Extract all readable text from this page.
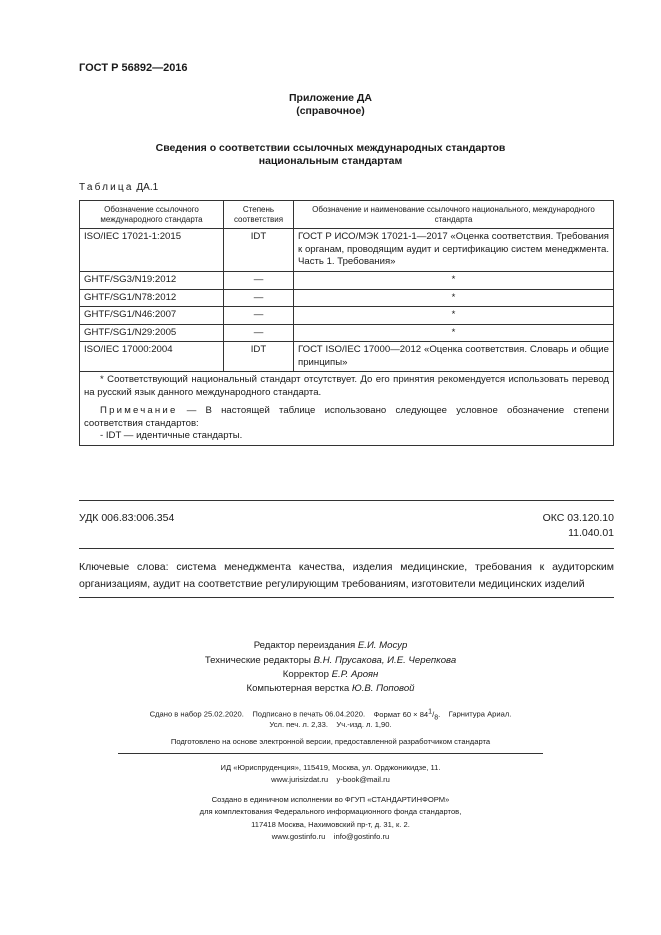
ГОСТ Р 56892—2016
Приложение ДА
(справочное)
Сведения о соответствии ссылочных международных стандартов
национальным стандартам
Таблица ДА.1
Обозначение ссылочного международного стандарта	Степень соответствия	Обозначение и наименование ссылочного национального, международного стандарта
ISO/IEC 17021-1:2015	IDT	ГОСТ Р ИСО/МЭК 17021-1—2017 «Оценка соответствия. Требования к органам, проводящим аудит и сертификацию систем менеджмента. Часть 1. Требования»
GHTF/SG3/N19:2012	—	*
GHTF/SG1/N78:2012	—	*
GHTF/SG1/N46:2007	—	*
GHTF/SG1/N29:2005	—	*
ISO/IEC 17000:2004	IDT	ГОСТ ISO/IEC 17000—2012 «Оценка соответствия. Словарь и общие принципы»

* Соответствующий национальный стандарт отсутствует. До его принятия рекомендуется использовать перевод на русский язык данного международного стандарта.

Примечание — В настоящей таблице использовано следующее условное обозначение степени соответствия стандартов:

- IDT — идентичные стандарты.		

УДК 006.83:006.354	ОКС 03.120.10
11.040.01
Ключевые слова: система менеджмента качества, изделия медицинские, требования к аудиторским организациям, аудит на соответствие регулирующим требованиям, изготовители медицинских изделий
Редактор переиздания Е.И. Мосур
Технические редакторы В.Н. Прусакова, И.Е. Черепкова
Корректор Е.Р. Ароян
Компьютерная верстка Ю.В. Поповой
Сдано в набор 25.02.2020. Подписано в печать 06.04.2020. Формат $60 \times 84^1/_8$. Гарнитура Ариал.
Усл. печ. л. 2,33. Уч.-изд. л. 1,90.
Подготовлено на основе электронной версии, предоставленной разработчиком стандарта
ИД «Юриспруденция», 115419, Москва, ул. Орджоникидзе, 11.
www.jurisizdat.ru    y-book@mail.ru
Создано в единичном исполнении во ФГУП «СТАНДАРТИНФОРМ»
для комплектования Федерального информационного фонда стандартов,
117418 Москва, Нахимовский пр-т, д. 31, к. 2.
www.gostinfo.ru    info@gostinfo.ru
